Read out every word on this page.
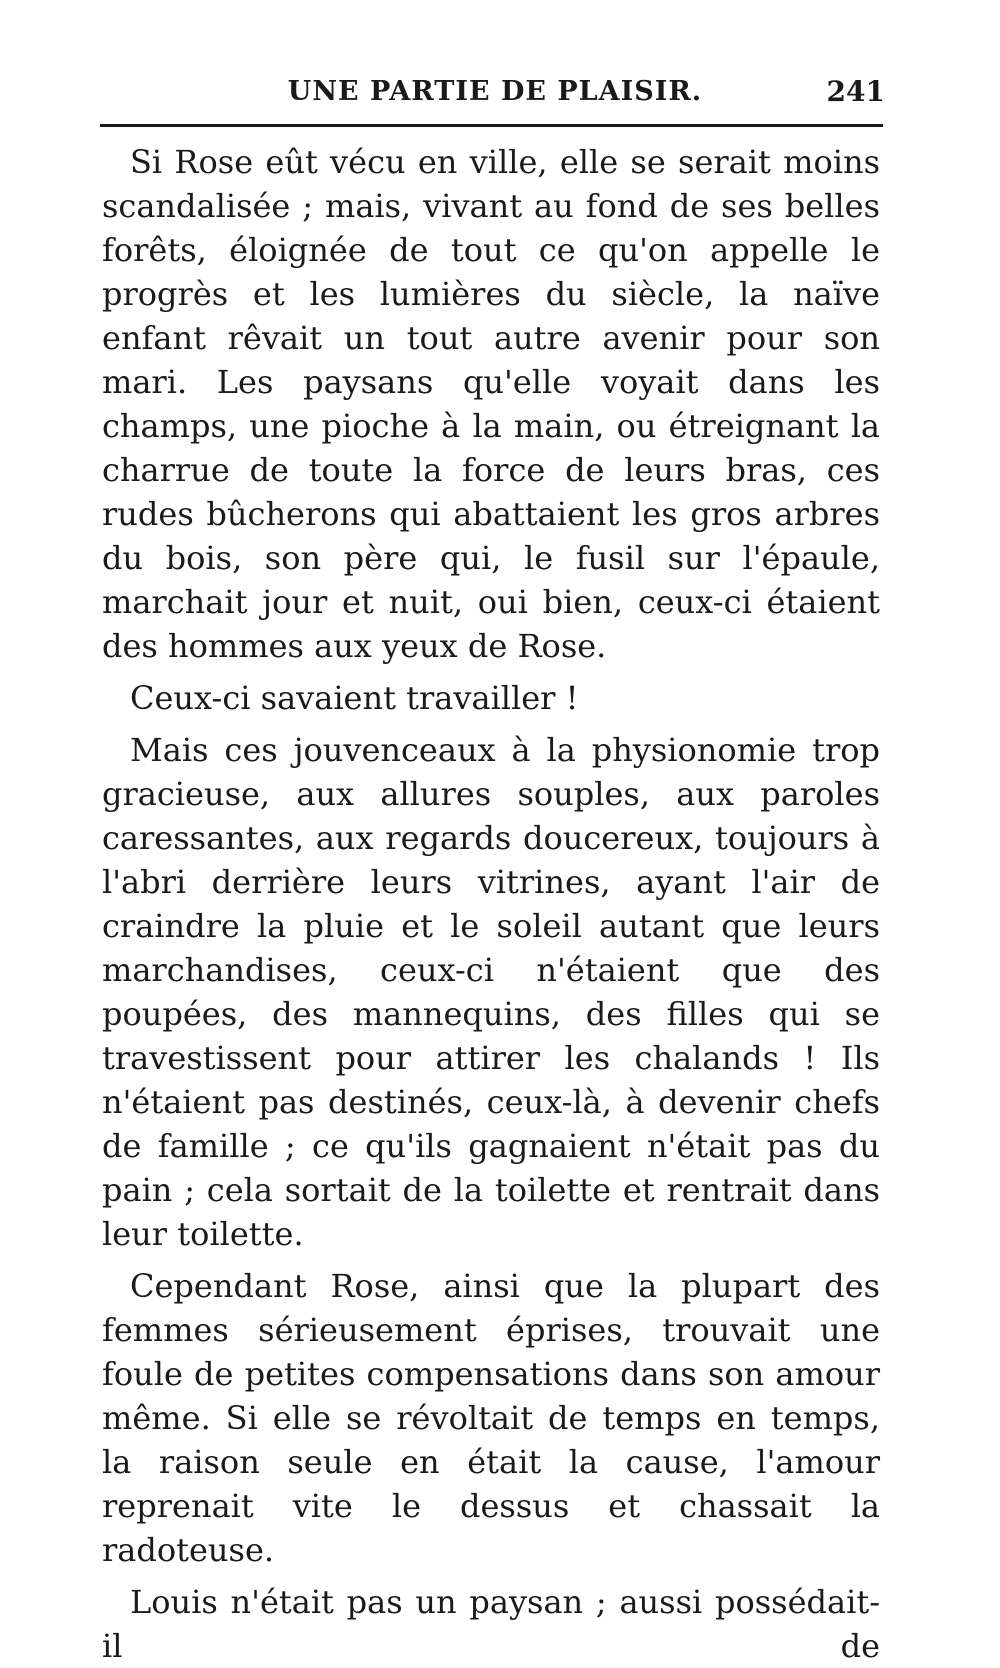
UNE PARTIE DE PLAISIR.	241

Si Rose eût vécu en ville, elle se serait moins scandalisée ; mais, vivant au fond de ses belles forêts, éloignée de tout ce qu'on appelle le progrès et les lumières du siècle, la naïve enfant rêvait un tout autre avenir pour son mari. Les paysans qu'elle voyait dans les champs, une pioche à la main, ou étreignant la charrue de toute la force de leurs bras, ces rudes bûcherons qui abattaient les gros arbres du bois, son père qui, le fusil sur l'épaule, marchait jour et nuit, oui bien, ceux-ci étaient des hommes aux yeux de Rose.

Ceux-ci savaient travailler !

Mais ces jouvenceaux à la physionomie trop gracieuse, aux allures souples, aux paroles caressantes, aux regards doucereux, toujours à l'abri derrière leurs vitrines, ayant l'air de craindre la pluie et le soleil autant que leurs marchandises, ceux-ci n'étaient que des poupées, des mannequins, des filles qui se travestissent pour attirer les chalands ! Ils n'étaient pas destinés, ceux-là, à devenir chefs de famille ; ce qu'ils gagnaient n'était pas du pain ; cela sortait de la toilette et rentrait dans leur toilette.

Cependant Rose, ainsi que la plupart des femmes sérieusement éprises, trouvait une foule de petites compensations dans son amour même. Si elle se révoltait de temps en temps, la raison seule en était la cause, l'amour reprenait vite le dessus et chassait la radoteuse.

Louis n'était pas un paysan ; aussi possédait-il de
